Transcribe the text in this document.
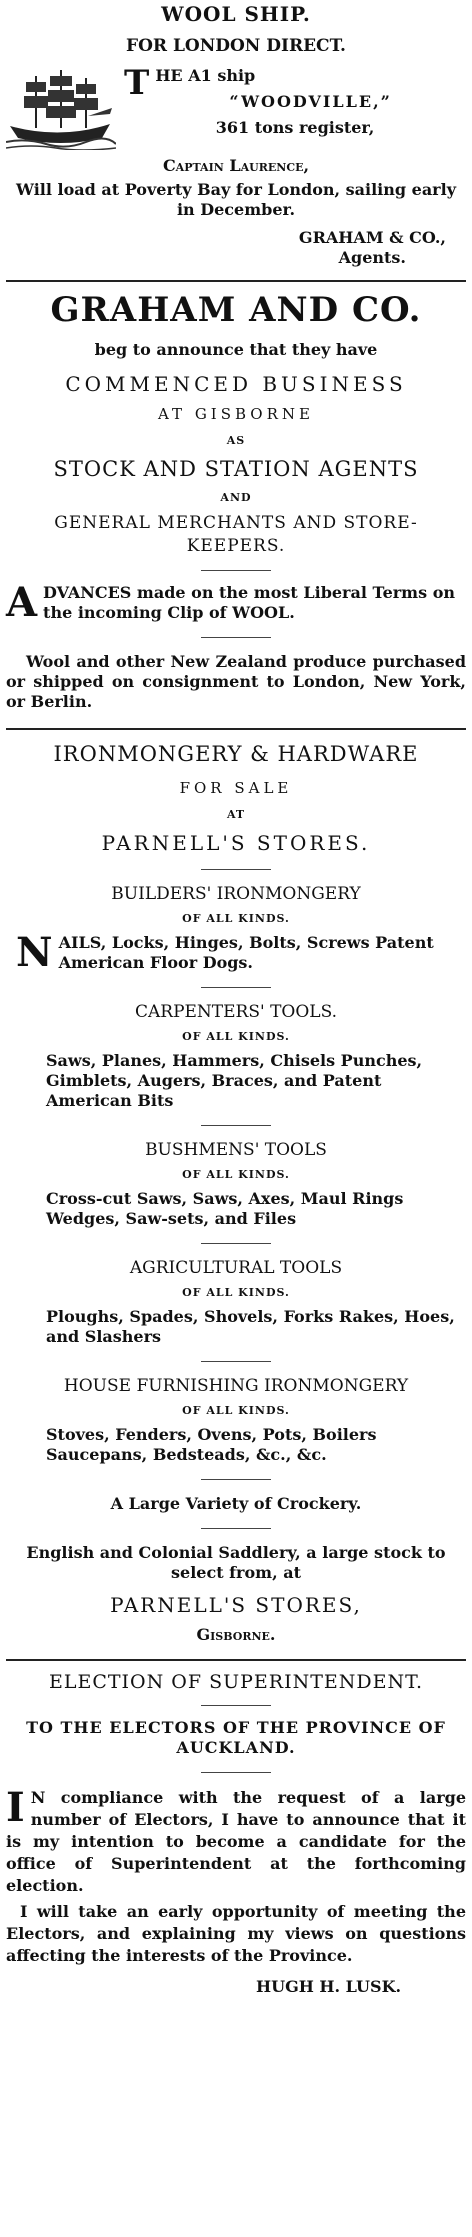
WOOL SHIP.
FOR LONDON DIRECT.
T HE A1 ship
“WOODVILLE,”
361 tons register,
Captain Laurence,
Will load at Poverty Bay for London, sailing early in December.
GRAHAM & CO.,
Agents.
GRAHAM AND CO.
beg to announce that they have
COMMENCED BUSINESS
AT GISBORNE
AS
STOCK AND STATION AGENTS
AND
GENERAL MERCHANTS AND STORE-KEEPERS.
A DVANCES made on the most Liberal Terms on the incoming Clip of WOOL.
Wool and other New Zealand produce purchased or shipped on consignment to London, New York, or Berlin.
IRONMONGERY & HARDWARE
FOR SALE
AT
PARNELL'S STORES.
BUILDERS' IRONMONGERY
OF ALL KINDS.
N AILS, Locks, Hinges, Bolts, Screws Patent American Floor Dogs.
CARPENTERS' TOOLS.
OF ALL KINDS.
Saws, Planes, Hammers, Chisels Punches, Gimblets, Augers, Braces, and Patent American Bits
BUSHMENS' TOOLS
OF ALL KINDS.
Cross-cut Saws, Saws, Axes, Maul Rings Wedges, Saw-sets, and Files
AGRICULTURAL TOOLS
OF ALL KINDS.
Ploughs, Spades, Shovels, Forks Rakes, Hoes, and Slashers
HOUSE FURNISHING IRONMONGERY
OF ALL KINDS.
Stoves, Fenders, Ovens, Pots, Boilers Saucepans, Bedsteads, &c., &c.
A Large Variety of Crockery.
English and Colonial Saddlery, a large stock to select from, at
PARNELL'S STORES,
Gisborne.
ELECTION OF SUPERINTENDENT.
TO THE ELECTORS OF THE PROVINCE OF AUCKLAND.
I N compliance with the request of a large number of Electors, I have to announce that it is my intention to become a candidate for the office of Superintendent at the forthcoming election.
I will take an early opportunity of meeting the Electors, and explaining my views on questions affecting the interests of the Province.
HUGH H. LUSK.
